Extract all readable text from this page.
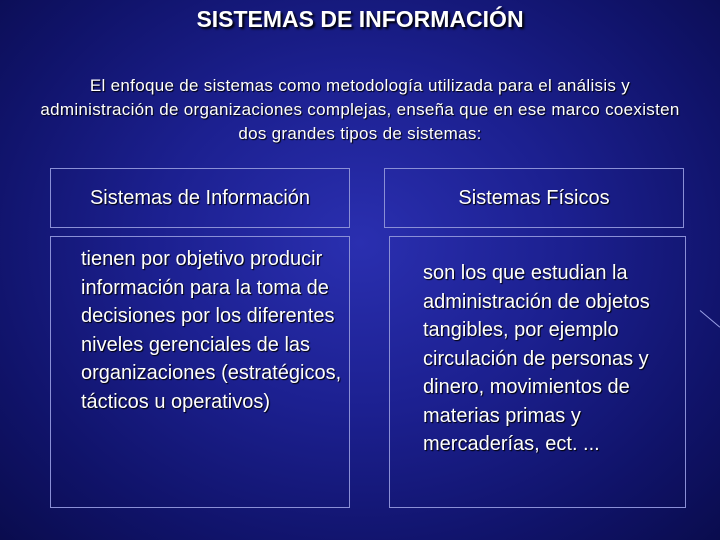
SISTEMAS DE INFORMACIÓN
El enfoque de sistemas como metodología utilizada para el análisis y administración de organizaciones complejas, enseña que en ese marco coexisten dos grandes tipos de sistemas:
Sistemas de Información	Sistemas Físicos
tienen por objetivo producir información para la toma de decisiones por los diferentes niveles gerenciales de las organizaciones (estratégicos, tácticos u operativos)
son los que estudian la administración de objetos tangibles, por ejemplo circulación de personas y dinero, movimientos de materias primas y mercaderías, ect. ...
